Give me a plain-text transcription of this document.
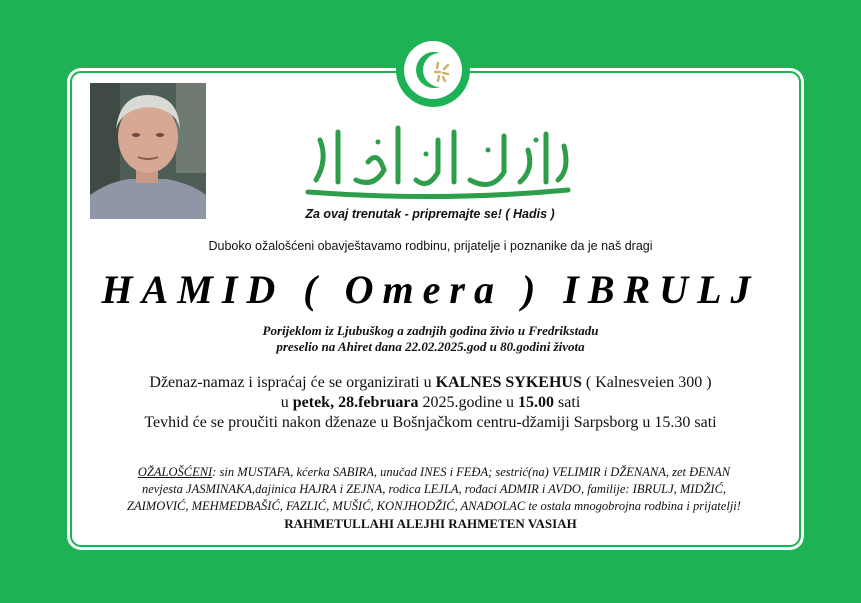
Za ovaj trenutak - pripremajte se! ( Hadis )
Duboko ožalošćeni obavještavamo rodbinu, prijatelje i poznanike da je naš dragi
HAMID ( Omera ) IBRULJ
Porijeklom iz Ljubuškog a zadnjih godina živio u Fredrikstadu
preselio na Ahiret dana 22.02.2025.god u 80.godini života
Dženaz-namaz i ispraćaj će se organizirati u KALNES SYKEHUS ( Kalnesveien 300 )
u petek, 28.februara 2025.godine u 15.00 sati
Tevhid će se proučiti nakon dženaze u Bošnjačkom centru-džamiji Sarpsborg u 15.30 sati
OŽALOŠĆENI: sin MUSTAFA, kćerka SABIRA, unučad INES i FEĐA; sestrić(na) VELIMIR i DŽENANA, zet ĐENAN
nevjesta JASMINAKA,dajinica HAJRA i ZEJNA, rodica LEJLA, rođaci ADMIR i AVDO, familije: IBRULJ, MIDŽIĆ,
ZAIMOVIĆ, MEHMEDBAŠIĆ, FAZLIĆ, MUŠIĆ, KONJHODŽIĆ, ANADOLAC te ostala mnogobrojna rodbina i prijatelji!
RAHMETULLAHI ALEJHI RAHMETEN VASIAH
